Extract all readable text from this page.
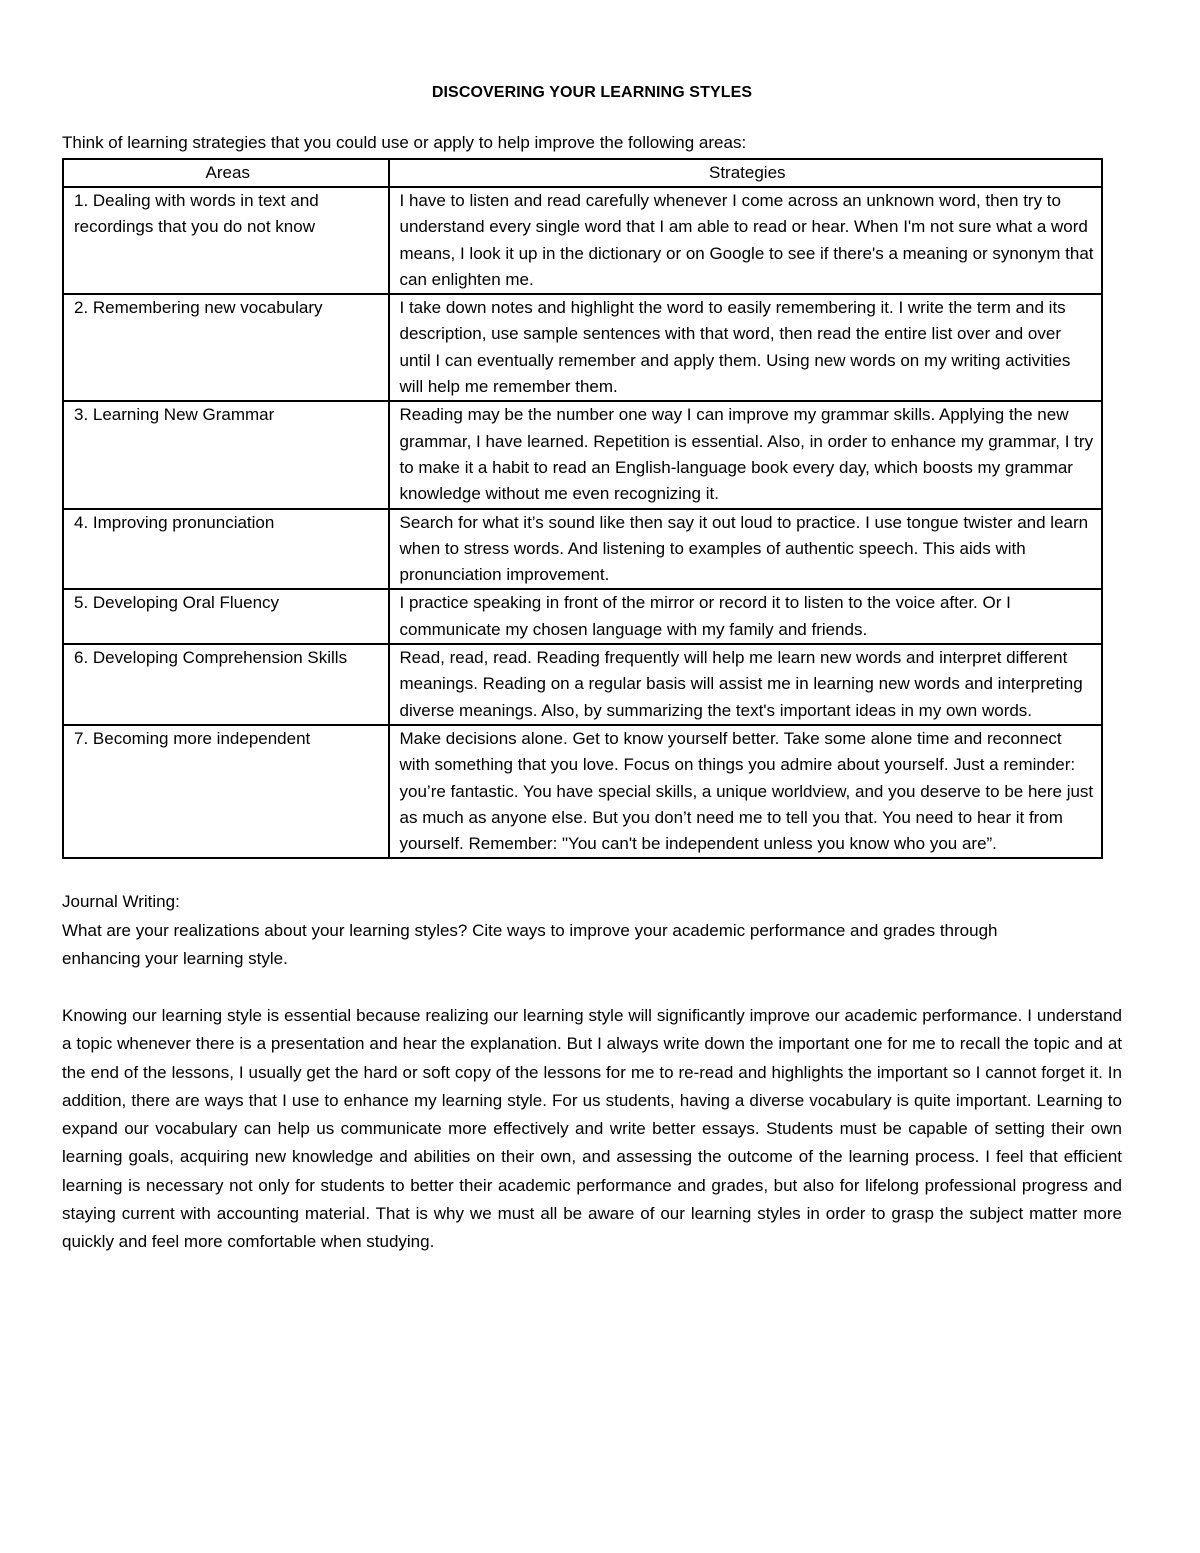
DISCOVERING YOUR LEARNING STYLES

Think of learning strategies that you could use or apply to help improve the following areas:

Areas	Strategies
1. Dealing with words in text and recordings that you do not know	I have to listen and read carefully whenever I come across an unknown word, then try to understand every single word that I am able to read or hear. When I'm not sure what a word means, I look it up in the dictionary or on Google to see if there's a meaning or synonym that can enlighten me.
2. Remembering new vocabulary	I take down notes and highlight the word to easily remembering it. I write the term and its description, use sample sentences with that word, then read the entire list over and over until I can eventually remember and apply them. Using new words on my writing activities will help me remember them.
3. Learning New Grammar	Reading may be the number one way I can improve my grammar skills. Applying the new grammar, I have learned. Repetition is essential. Also, in order to enhance my grammar, I try to make it a habit to read an English-language book every day, which boosts my grammar knowledge without me even recognizing it.
4. Improving pronunciation	Search for what it’s sound like then say it out loud to practice. I use tongue twister and learn when to stress words. And listening to examples of authentic speech. This aids with pronunciation improvement.
5. Developing Oral Fluency	I practice speaking in front of the mirror or record it to listen to the voice after. Or I communicate my chosen language with my family and friends.
6. Developing Comprehension Skills	Read, read, read. Reading frequently will help me learn new words and interpret different meanings. Reading on a regular basis will assist me in learning new words and interpreting diverse meanings. Also, by summarizing the text's important ideas in my own words.
7. Becoming more independent	Make decisions alone. Get to know yourself better. Take some alone time and reconnect with something that you love. Focus on things you admire about yourself. Just a reminder: you’re fantastic. You have special skills, a unique worldview, and you deserve to be here just as much as anyone else. But you don’t need me to tell you that. You need to hear it from yourself. Remember: "You can't be independent unless you know who you are”.

Journal Writing:

What are your realizations about your learning styles? Cite ways to improve your academic performance and grades through enhancing your learning style.

Knowing our learning style is essential because realizing our learning style will significantly improve our academic performance. I understand a topic whenever there is a presentation and hear the explanation. But I always write down the important one for me to recall the topic and at the end of the lessons, I usually get the hard or soft copy of the lessons for me to re-read and highlights the important so I cannot forget it. In addition, there are ways that I use to enhance my learning style. For us students, having a diverse vocabulary is quite important. Learning to expand our vocabulary can help us communicate more effectively and write better essays. Students must be capable of setting their own learning goals, acquiring new knowledge and abilities on their own, and assessing the outcome of the learning process. I feel that efficient learning is necessary not only for students to better their academic performance and grades, but also for lifelong professional progress and staying current with accounting material. That is why we must all be aware of our learning styles in order to grasp the subject matter more quickly and feel more comfortable when studying.
